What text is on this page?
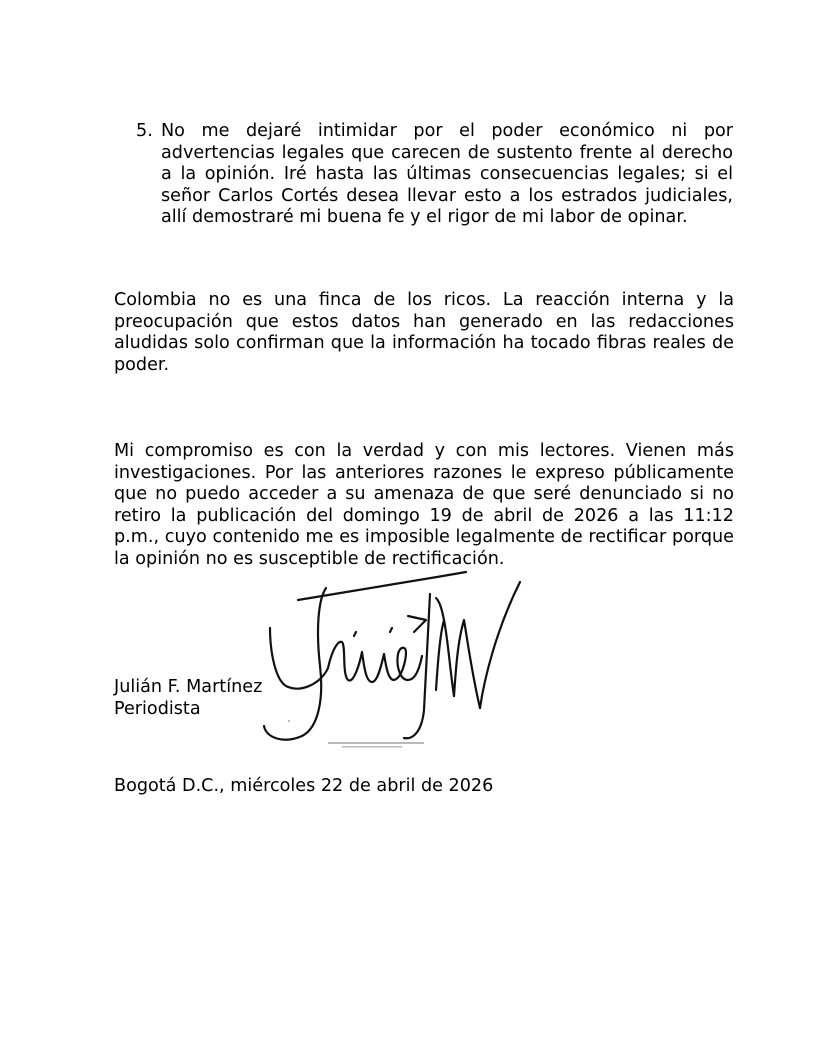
5. No me dejaré intimidar por el poder económico ni por advertencias legales que carecen de sustento frente al derecho a la opinión. Iré hasta las últimas consecuencias legales; si el señor Carlos Cortés desea llevar esto a los estrados judiciales, allí demostraré mi buena fe y el rigor de mi labor de opinar.

Colombia no es una finca de los ricos. La reacción interna y la preocupación que estos datos han generado en las redacciones aludidas solo confirman que la información ha tocado fibras reales de poder.

Mi compromiso es con la verdad y con mis lectores. Vienen más investigaciones. Por las anteriores razones le expreso públicamente que no puedo acceder a su amenaza de que seré denunciado si no retiro la publicación del domingo 19 de abril de 2026 a las 11:12 p.m., cuyo contenido me es imposible legalmente de rectificar porque la opinión no es susceptible de rectificación.

Julián F. Martínez
Periodista
Bogotá D.C., miércoles 22 de abril de 2026
